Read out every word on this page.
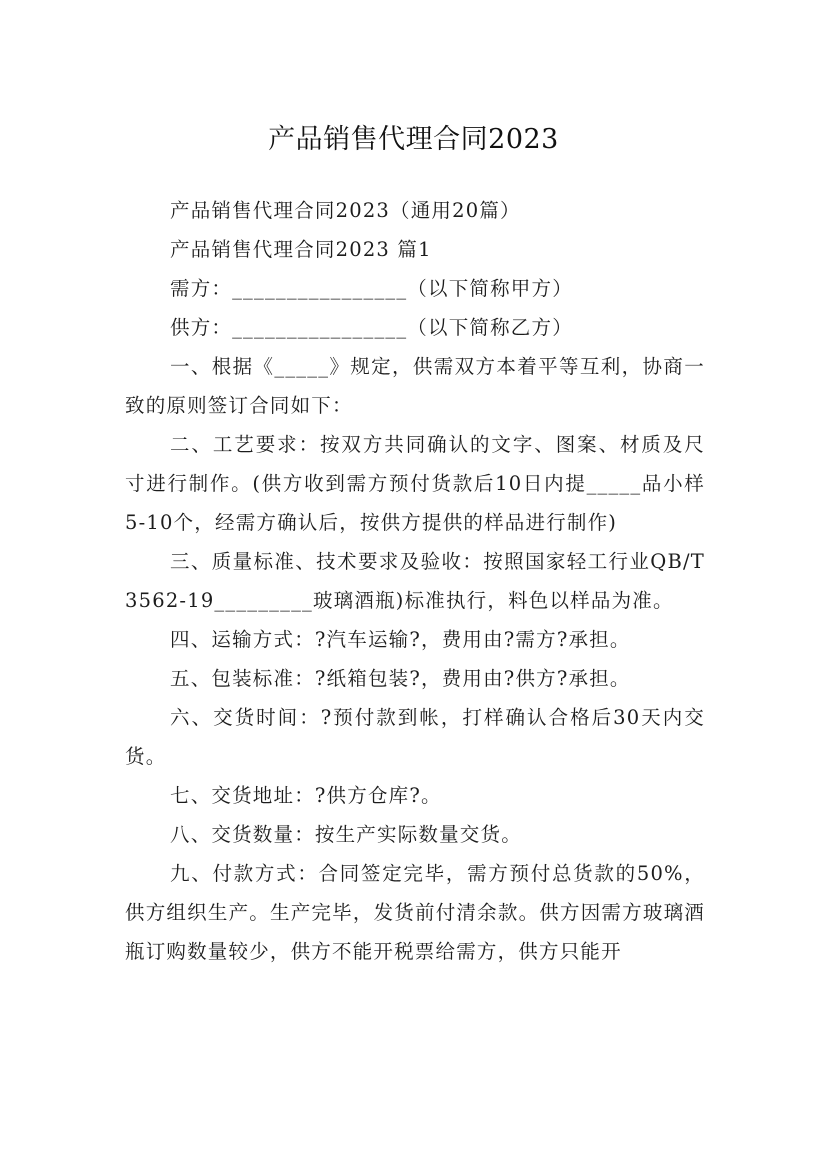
产品销售代理合同2023

产品销售代理合同2023（通用20篇）

产品销售代理合同2023 篇1

需方：________________（以下简称甲方）

供方：________________（以下简称乙方）

一、根据《_____》规定，供需双方本着平等互利，协商一致的原则签订合同如下：

二、工艺要求：按双方共同确认的文字、图案、材质及尺寸进行制作。(供方收到需方预付货款后10日内提_____品小样5-10个，经需方确认后，按供方提供的样品进行制作)

三、质量标准、技术要求及验收：按照国家轻工行业QB/T3562-19_________玻璃酒瓶)标准执行，料色以样品为准。

四、运输方式：?汽车运输?，费用由?需方?承担。

五、包装标准：?纸箱包装?，费用由?供方?承担。

六、交货时间：?预付款到帐，打样确认合格后30天内交货。

七、交货地址：?供方仓库?。

八、交货数量：按生产实际数量交货。

九、付款方式：合同签定完毕，需方预付总货款的50%，供方组织生产。生产完毕，发货前付清余款。供方因需方玻璃酒瓶订购数量较少，供方不能开税票给需方，供方只能开
